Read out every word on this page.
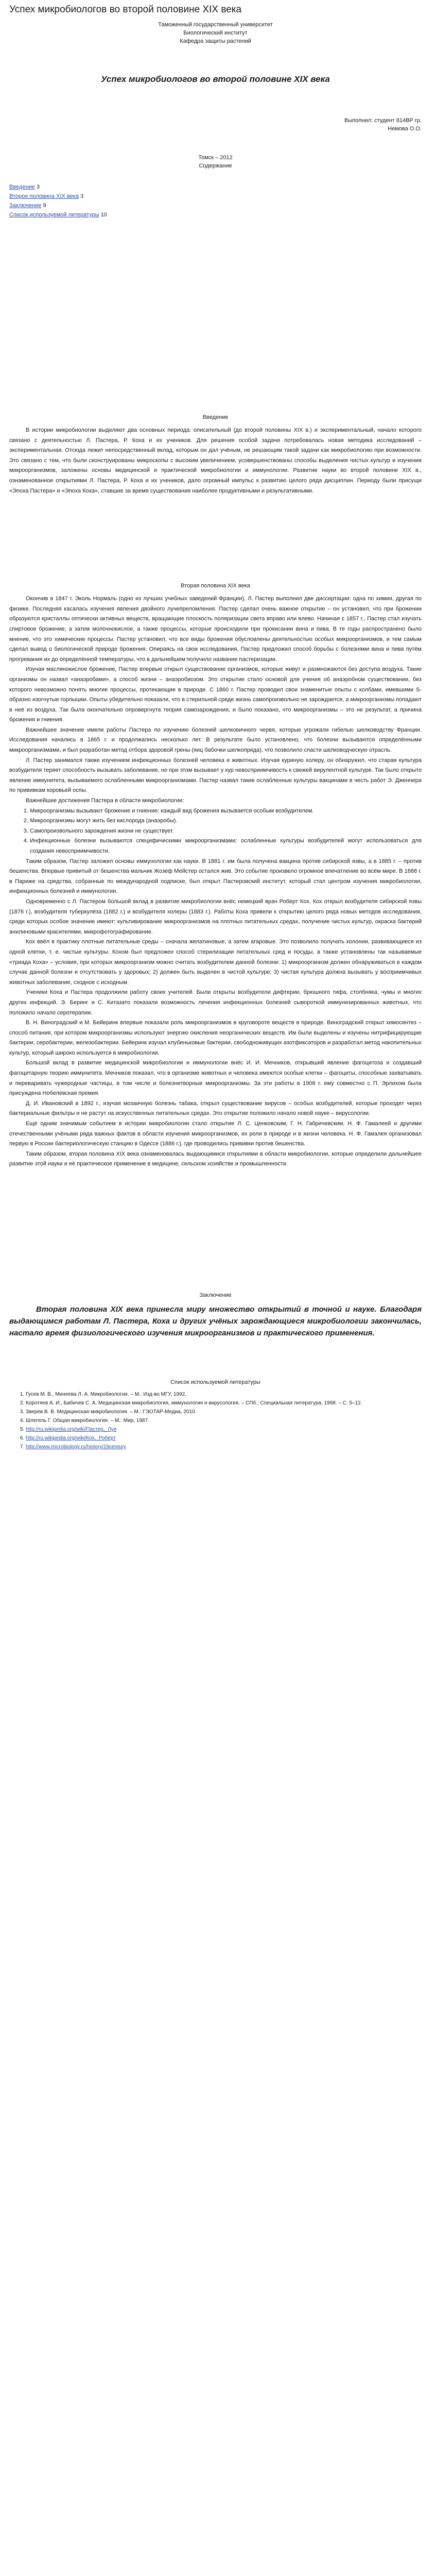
Успех микробиологов во второй половине XIX века
Таможенный государственный университет
Биологический институт
Кафедра защиты растений
Успех микробиологов во второй половине XIX века
Выполнил: студент 814ВР гр.
Немова О.О.
Томск – 2012
Содержание

Введение 3

Второе половина XIX века 3

Заключение 9

Список используемой литературы 10

Введение

В истории микробиологии выделяют два основных периода: описательный (до второй половины XIX в.) и экспериментальный, начало которого связано с деятельностью Л. Пастера, Р. Коха и их учеников. Для решения особой задачи потребовалась новая методика исследований – экспериментальная. Отсюда лежит непосредственный вклад, которым он дал учёным, не решающим такой задачи как микробиологию при возможности. Это связано с тем, что были сконструированы микроскопы с высоким увеличением, усовершенствованы способы выделения чистых культур и изучения микроорганизмов, заложены основы медицинской и практической микробиологии и иммунологии. Развитие науки во второй половине XIX в., ознаменованное открытиями Л. Пастера, Р. Коха и их учеников, дало огромный импульс к развитию целого ряда дисциплин. Периоду были присущи «Эпоха Пастера» и «Эпоха Коха», ставшие за время существования наиболее продуктивными и результативными.

Вторая половина XIX века

Окончив в 1847 г. Эколь Нормаль (одно из лучших учебных заведений Франции), Л. Пастер выполнил две диссертации: одна по химии, другая по физике. Последняя касалась изучения явления двойного лучепреломления. Пастер сделал очень важное открытие – он установил, что при брожении образуются кристаллы оптически активных веществ, вращающие плоскость поляризации света вправо или влево. Начиная с 1857 г., Пастер стал изучать спиртовое брожение, а затем молочнокислое, а также процессы, которые происходили при прокисании вина и пива. В те годы распространено было мнение, что это химические процессы. Пастер установил, что все виды брожения обусловлены деятельностью особых микроорганизмов, и тем самым сделал вывод о биологической природе брожения. Опираясь на свои исследования, Пастер предложил способ борьбы с болезнями вина и пива путём прогревания их до определённой температуры, что в дальнейшем получило название пастеризации.

Изучая маслянокислое брожение, Пастер впервые открыл существование организмов, которые живут и размножаются без доступа воздуха. Такие организмы он назвал «анаэробами», а способ жизни – анаэробиозом. Это открытие стало основой для учения об анаэробном существовании, без которого невозможно понять многие процессы, протекающие в природе. С 1860 г. Пастер проводил свои знаменитые опыты с колбами, имевшими S-образно изогнутые горлышки. Опыты убедительно показали, что в стерильной среде жизнь самопроизвольно не зарождается, а микроорганизмы попадают в неё из воздуха. Так была окончательно опровергнута теория самозарождения, и было показано, что микроорганизмы – это не результат, а причина брожения и гниения.

Важнейшее значение имели работы Пастера по изучению болезней шелковичного червя, которые угрожали гибелью шелководству Франции. Исследования начались в 1865 г. и продолжались несколько лет. В результате было установлено, что болезни вызываются определёнными микроорганизмами, и был разработан метод отбора здоровой грены (яиц бабочки шелкопряда), что позволило спасти шелководческую отрасль.

Л. Пастер занимался также изучением инфекционных болезней человека и животных. Изучая куриную холеру, он обнаружил, что старая культура возбудителя теряет способность вызывать заболевание, но при этом вызывает у кур невосприимчивость к свежей вирулентной культуре. Так было открыто явление иммунитета, вызываемого ослабленными микроорганизмами. Пастер назвал такие ослабленные культуры вакцинами в честь работ Э. Дженнера по прививкам коровьей оспы.

Важнейшие достижения Пастера в области микробиологии:

1. Микроорганизмы вызывают брожение и гниение; каждый вид брожения вызывается особым возбудителем.
2. Микроорганизмы могут жить без кислорода (анаэробы).
3. Самопроизвольного зарождения жизни не существует.
4. Инфекционные болезни вызываются специфическими микроорганизмами; ослабленные культуры возбудителей могут использоваться для создания невосприимчивости.

Таким образом, Пастер заложил основы иммунологии как науки. В 1881 г. им была получена вакцина против сибирской язвы, а в 1885 г. – против бешенства. Впервые привитый от бешенства мальчик Жозеф Мейстер остался жив. Это событие произвело огромное впечатление во всём мире. В 1888 г. в Париже на средства, собранные по международной подписке, был открыт Пастеровский институт, который стал центром изучения микробиологии, инфекционных болезней и иммунологии.

Одновременно с Л. Пастером большой вклад в развитие микробиологии внёс немецкий врач Роберт Кох. Кох открыл возбудителя сибирской язвы (1876 г.), возбудителя туберкулёза (1882 г.) и возбудителя холеры (1883 г.). Работы Коха привели к открытию целого ряда новых методов исследования, среди которых особое значение имеют: культивирование микроорганизмов на плотных питательных средах, получение чистых культур, окраска бактерий анилиновыми красителями, микрофотографирование.

Кох ввёл в практику плотные питательные среды – сначала желатиновые, а затем агаровые. Это позволило получать колонии, развивающиеся из одной клетки, т. е. чистые культуры. Кохом был предложен способ стерилизации питательных сред и посуды, а также установлены так называемые «триада Коха» – условия, при которых микроорганизм можно считать возбудителем данной болезни: 1) микроорганизм должен обнаруживаться в каждом случае данной болезни и отсутствовать у здоровых; 2) должен быть выделен в чистой культуре; 3) чистая культура должна вызывать у восприимчивых животных заболевание, сходное с исходным.

Ученики Коха и Пастера продолжили работу своих учителей. Были открыты возбудители дифтерии, брюшного тифа, столбняка, чумы и многих других инфекций. Э. Беринг и С. Китазато показали возможность лечения инфекционных болезней сывороткой иммунизированных животных, что положило начало серотерапии.

В. Н. Виноградский и М. Бейеринк впервые показали роль микроорганизмов в круговороте веществ в природе. Виноградский открыл хемосинтез – способ питания, при котором микроорганизмы используют энергию окисления неорганических веществ. Им были выделены и изучены нитрифицирующие бактерии, серобактерии, железобактерии. Бейеринк изучал клубеньковые бактерии, свободноживущих азотфиксаторов и разработал метод накопительных культур, который широко используется в микробиологии.

Большой вклад в развитие медицинской микробиологии и иммунологии внёс И. И. Мечников, открывший явление фагоцитоза и создавший фагоцитарную теорию иммунитета. Мечников показал, что в организме животных и человека имеются особые клетки – фагоциты, способные захватывать и переваривать чужеродные частицы, в том числе и болезнетворные микроорганизмы. За эти работы в 1908 г. ему совместно с П. Эрлихом была присуждена Нобелевская премия.

Д. И. Ивановский в 1892 г., изучая мозаичную болезнь табака, открыл существование вирусов – особых возбудителей, которые проходят через бактериальные фильтры и не растут на искусственных питательных средах. Это открытие положило начало новой науке – вирусологии.

Ещё одним значимым событием в истории микробиологии стало открытие Л. С. Ценковским, Г. Н. Габричевским, Н. Ф. Гамалеей и другими отечественными учёными ряда важных фактов в области изучения микроорганизмов, их роли в природе и в жизни человека. Н. Ф. Гамалея организовал первую в России бактериологическую станцию в Одессе (1886 г.), где проводились прививки против бешенства.

Таким образом, вторая половина XIX века ознаменовалась выдающимися открытиями в области микробиологии, которые определили дальнейшее развитие этой науки и её практическое применение в медицине, сельском хозяйстве и промышленности.

Заключение

Вторая половина XIX века принесла миру множество открытий в точной и науке. Благодаря выдающимся работам Л. Пастера, Коха и других учёных зарождающиеся микробиологии закончилась, настало время физиологического изучения микроорганизмов и практического применения.

Список используемой литературы
1. Гусев М. В., Минеева Л. А. Микробиология. – М.: Изд-во МГУ, 1992.
2. Коротяев А. И., Бабичев С. А. Медицинская микробиология, иммунология и вирусология. – СПб.: Специальная литература, 1998. – С. 5–12.
3. Зверев В. В. Медицинская микробиология. – М.: ГЭОТАР-Медиа, 2010.
4. Шлегель Г. Общая микробиология. – М.: Мир, 1987.
5. http://ru.wikipedia.org/wiki/Пастер,_Луи
6. http://ru.wikipedia.org/wiki/Кох,_Роберт
7. http://www.microbiology.ru/history/19century
